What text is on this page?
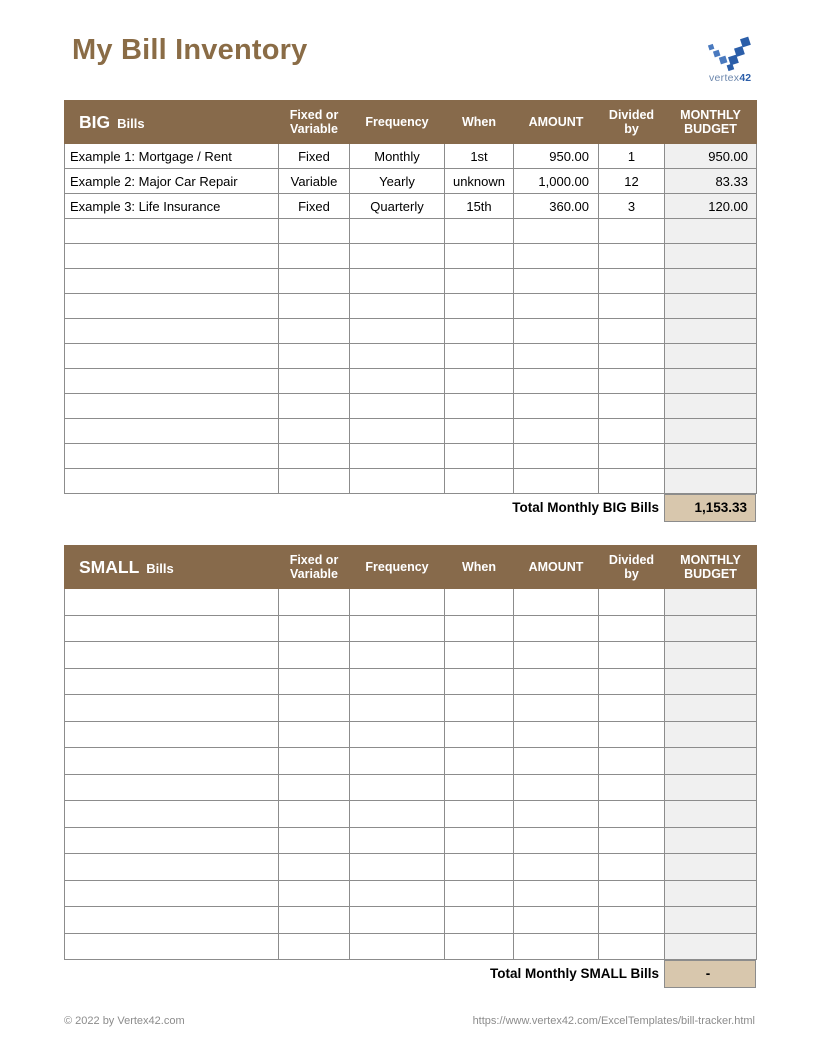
My Bill Inventory
vertex42
BIG Bills	Fixed or Variable	Frequency	When	AMOUNT	Divided by	MONTHLY BUDGET
Example 1: Mortgage / Rent	Fixed	Monthly	1st	950.00	1	950.00
Example 2: Major Car Repair	Variable	Yearly	unknown	1,000.00	12	83.33
Example 3: Life Insurance	Fixed	Quarterly	15th	360.00	3	120.00

Total Monthly BIG Bills	1,153.33
SMALL Bills	Fixed or Variable	Frequency	When	AMOUNT	Divided by	MONTHLY BUDGET

Total Monthly SMALL Bills	-
© 2022 by Vertex42.com	https://www.vertex42.com/ExcelTemplates/bill-tracker.html
